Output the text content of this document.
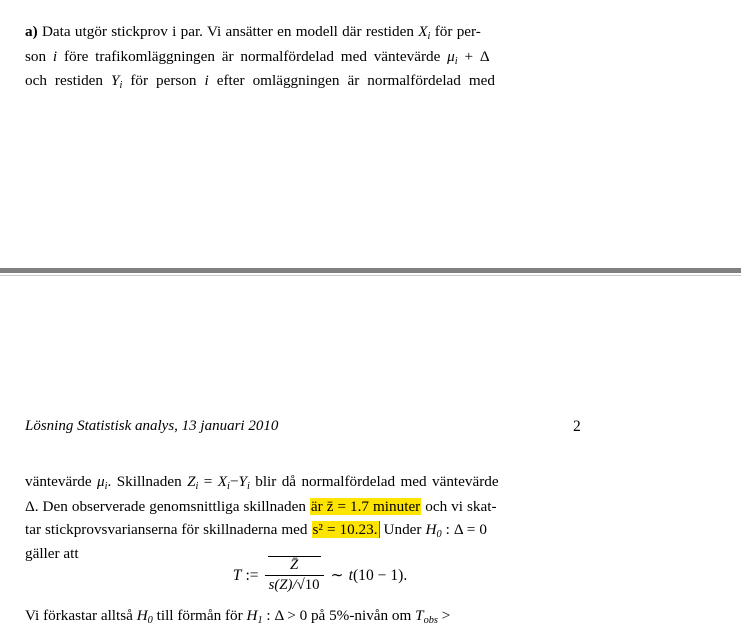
a) Data utgör stickprov i par. Vi ansätter en modell där restiden $X_i$ för per-
son i före trafikomläggningen är normalfördelad med väntevärde $\mu_i + \Delta$
och restiden $Y_i$ för person i efter omläggningen är normalfördelad med
Lösning Statistisk analys, 13 januari 2010	2
väntevärde $\mu_i$. Skillnaden $Z_i = X_i-Y_i$ blir då normalfördelad med väntevärde
Δ. Den observerade genomsnittliga skillnaden är z̄ = 1.7 minuter och vi skat-
tar stickprovsvarianserna för skillnaderna med s² = 10.23. Under $H_0$ : Δ = 0
gäller att
T := $\frac{Z̄}{s(Z)/√10}$ ∼ t(10 − 1).
Vi förkastar alltså $H_0$ till förmån för $H_1$ : Δ > 0 på 5%-nivån om $T_{obs}$ >
